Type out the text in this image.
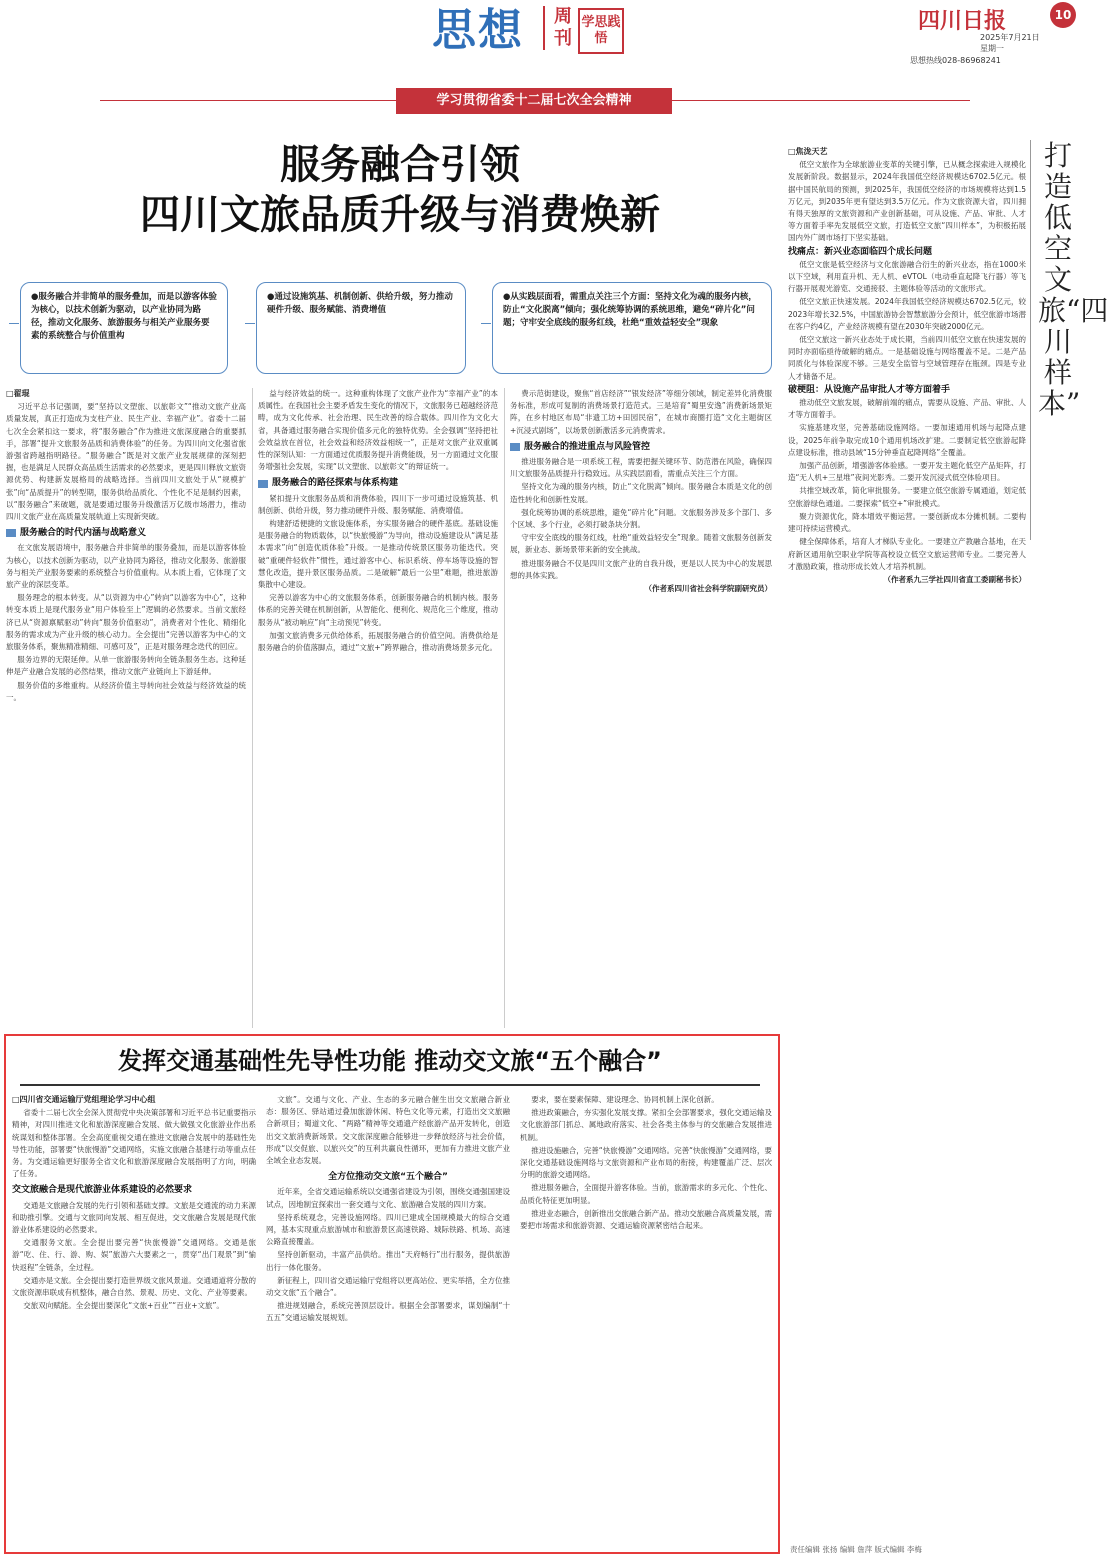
思想	周刊
学思践悟
四川日报	10
2025年7月21日
星期一
思想热线028-86968241
学习贯彻省委十二届七次全会精神
服务融合引领
四川文旅品质升级与消费焕新
●服务融合并非简单的服务叠加，而是以游客体验为核心，以技术创新为驱动，以产业协同为路径，推动文化服务、旅游服务与相关产业服务要素的系统整合与价值重构
●通过设施筑基、机制创新、供给升级，努力推动硬件升级、服务赋能、消费增值
●从实践层面看，需重点关注三个方面：坚持文化为魂的服务内核，防止“文化脱离”倾向；强化统筹协调的系统思维，避免“碎片化”问题；守牢安全底线的服务红线，杜绝“重效益轻安全”现象

□翟琨

习近平总书记强调，要“坚持以文塑旅、以旅彰文”“推动文旅产业高质量发展，真正打造成为支柱产业、民生产业、幸福产业”。省委十二届七次全会紧扣这一要求，将“服务融合”作为推进文旅深度融合的重要抓手，部署“提升文旅服务品质和消费体验”的任务。为四川向文化强省旅游强省跨越指明路径。“服务融合”既是对文旅产业发展规律的深刻把握，也是满足人民群众高品质生活需求的必然要求，更是四川释放文旅资源优势、构建新发展格局的战略选择。当前四川文旅处于从“规模扩张”向“品质提升”的转型期，服务供给品质化、个性化不足是制约因素，以“服务融合”来破题，就是要通过服务升级激活万亿级市场潜力，推动四川文旅产业在高质量发展轨道上实现新突破。

服务融合的时代内涵与战略意义

在文旅发展语境中，服务融合并非简单的服务叠加，而是以游客体验为核心，以技术创新为驱动，以产业协同为路径，推动文化服务、旅游服务与相关产业服务要素的系统整合与价值重构。从本质上看，它体现了文旅产业的深层变革。

服务理念的根本转变。从“以资源为中心”转向“以游客为中心”，这种转变本质上是现代服务业“用户体验至上”逻辑的必然要求。当前文旅经济已从“资源禀赋驱动”转向“服务价值驱动”，消费者对个性化、精细化服务的需求成为产业升级的核心动力。全会提出“完善以游客为中心的文旅服务体系，聚焦精准精细、可感可及”，正是对服务理念迭代的回应。

服务边界的无限延伸。从单一旅游服务转向全链条服务生态。这种延伸是产业融合发展的必然结果，推动文旅产业链向上下游延伸。

服务价值的多维重构。从经济价值主导转向社会效益与经济效益的统一。

益与经济效益的统一。这种重构体现了文旅产业作为“幸福产业”的本质属性。在我国社会主要矛盾发生变化的情况下，文旅服务已超越经济范畴，成为文化传承、社会治理、民生改善的综合载体。四川作为文化大省，具备通过服务融合实现价值多元化的独特优势。全会强调“坚持把社会效益放在首位，社会效益和经济效益相统一”，正是对文旅产业双重属性的深刻认知：一方面通过优质服务提升消费能级，另一方面通过文化服务增强社会发展，实现“以文塑旅、以旅彰文”的辩证统一。

服务融合的路径探索与体系构建

紧扣提升文旅服务品质和消费体验，四川下一步可通过设施筑基、机制创新、供给升级，努力推动硬件升级、服务赋能、消费增值。

构建舒适便捷的文旅设施体系，夯实服务融合的硬件基底。基础设施是服务融合的物质载体，以“快旅慢游”为导向，推动设施建设从“满足基本需求”向“创造优质体验”升级。一是推动传统景区服务功能迭代。突破“重硬件轻软件”惯性，通过游客中心、标识系统、停车场等设施的智慧化改造，提升景区服务品质。二是破解“最后一公里”难题，推进旅游集散中心建设。

完善以游客为中心的文旅服务体系，创新服务融合的机制内核。服务体系的完善关键在机制创新，从智能化、便利化、规范化三个维度，推动服务从“被动响应”向“主动预见”转变。

加强文旅消费多元供给体系，拓展服务融合的价值空间。消费供给是服务融合的价值落脚点，通过“文旅+”跨界融合，推动消费场景多元化。

费示范街建设，聚焦“首店经济”“银发经济”等细分领域，制定差异化消费服务标准，形成可复制的消费场景打造范式。三是培育“蜀里安逸”消费新场景矩阵，在乡村地区布局“非遗工坊+田园民宿”，在城市商圈打造“文化主题街区+沉浸式剧场”，以场景创新激活多元消费需求。

服务融合的推进重点与风险管控

推进服务融合是一项系统工程，需要把握关键环节、防范潜在风险，确保四川文旅服务品质提升行稳致远。从实践层面看，需重点关注三个方面。

坚持文化为魂的服务内核，防止“文化脱离”倾向。服务融合本质是文化的创造性转化和创新性发展。

强化统筹协调的系统思维，避免“碎片化”问题。文旅服务涉及多个部门、多个区域、多个行业，必须打破条块分割。

守牢安全底线的服务红线，杜绝“重效益轻安全”现象。随着文旅服务创新发展，新业态、新场景带来新的安全挑战。

推进服务融合不仅是四川文旅产业的自我升级，更是以人民为中心的发展思想的具体实践。

（作者系四川省社会科学院副研究员）

打造低空文旅“四川样本”

□焦泷天艺

低空文旅作为全球旅游业变革的关键引擎，已从概念探索进入规模化发展新阶段。数据显示，2024年我国低空经济规模达6702.5亿元。根据中国民航局的预测，到2025年，我国低空经济的市场规模将达到1.5万亿元，到2035年更有望达到3.5万亿元。作为文旅资源大省，四川拥有得天独厚的文旅资源和产业创新基础，可从设施、产品、审批、人才等方面着手率先发展低空文旅，打造低空文旅“四川样本”，为积极拓展国内外广阔市场打下坚实基础。

找痛点：新兴业态面临四个成长问题

低空文旅是低空经济与文化旅游融合衍生的新兴业态，指在1000米以下空域，利用直升机、无人机、eVTOL（电动垂直起降飞行器）等飞行器开展观光游览、交通接驳、主题体验等活动的文旅形式。

低空文旅正快速发展。2024年我国低空经济规模达6702.5亿元，较2023年增长32.5%，中国旅游协会智慧旅游分会预计，低空旅游市场潜在客户约4亿，产业经济规模有望在2030年突破2000亿元。

低空文旅这一新兴业态处于成长期，当前四川低空文旅在快速发展的同时亦面临亟待破解的痛点。一是基础设施与网络覆盖不足。二是产品同质化与体验深度不够。三是安全监管与空域管理存在瓶颈。四是专业人才储备不足。

破梗阻：从设施产品审批人才等方面着手

推动低空文旅发展，破解前端的痛点，需要从设施、产品、审批、人才等方面着手。

实施基建攻坚，完善基础设施网络。一要加速通用机场与起降点建设，2025年前争取完成10个通用机场改扩建。二要制定低空旅游起降点建设标准，推动县域“15分钟垂直起降网络”全覆盖。

加强产品创新，增强游客体验感。一要开发主题化低空产品矩阵，打造“无人机+三星堆”夜间光影秀。二要开发沉浸式低空体验项目。

共推空域改革，简化审批服务。一要建立低空旅游专属通道，划定低空旅游绿色通道。二要探索“低空+”审批模式。

聚力资源优化，降本增效平衡运营。一要创新成本分摊机制。二要构建可持续运营模式。

健全保障体系，培育人才梯队专业化。一要建立产教融合基地，在天府新区通用航空职业学院等高校设立低空文旅运营师专业。二要完善人才激励政策，推动形成长效人才培养机制。

（作者系九三学社四川省直工委副秘书长）

发挥交通基础性先导性功能 推动交文旅“五个融合”

□四川省交通运输厅党组理论学习中心组

省委十二届七次全会深入贯彻党中央决策部署和习近平总书记重要指示精神，对四川推进文化和旅游深度融合发展、做大做强文化旅游业作出系统谋划和整体部署。全会高度重视交通在推进文旅融合发展中的基础性先导性功能，部署要“快旅慢游”交通网络，实施文旅融合基建行动等重点任务。为交通运输更好服务全省文化和旅游深度融合发展指明了方向，明确了任务。

交文旅融合是现代旅游业体系建设的必然要求

交通是文旅融合发展的先行引领和基础支撑。文旅是交通流的动力来源和助推引擎。交通与文旅同向发展、相互促进，交文旅融合发展是现代旅游业体系建设的必然要求。

交通服务文旅。全会提出要完善“快旅慢游”交通网络。交通是旅游“吃、住、行、游、购、娱”旅游六大要素之一，贯穿“出门观景”到“愉快返程”全链条，全过程。

交通亦是文旅。全会提出要打造世界级文旅风景道。交通通道将分散的文旅资源串联成有机整体，融合自然、景观、历史、文化、产业等要素。

交旅双向赋能。全会提出要深化“文旅+百业”“百业+文旅”。

文旅”。交通与文化、产业、生态的多元融合催生出交文旅融合新业态：服务区、驿站通过叠加旅游休闲、特色文化等元素，打造出交文旅融合新项目；蜀道文化、“两路”精神等交通遗产经旅游产品开发转化，创造出交文旅消费新场景。交文旅深度融合能够进一步释放经济与社会价值，形成“以交促旅、以旅兴交”的互利共赢良性循环，更加有力推进文旅产业全域全业态发展。

全方位推动交文旅“五个融合”

近年来，全省交通运输系统以交通强省建设为引领，围绕交通强国建设试点，因地制宜探索出一套交通与文化、旅游融合发展的四川方案。

坚持系统观念，完善设施网络。四川已建成全国规模最大的综合交通网，基本实现重点旅游城市和旅游景区高速铁路、城际铁路、机场、高速公路直接覆盖。

坚持创新驱动，丰富产品供给。推出“天府畅行”出行服务，提供旅游出行一体化服务。

新征程上，四川省交通运输厅党组将以更高站位、更实举措，全方位推动交文旅“五个融合”。

推进规划融合，系统完善顶层设计。根据全会部署要求，谋划编制“十五五”交通运输发展规划。

要求，要在要素保障、建设理念、协同机制上深化创新。

推进政策融合，夯实强化发展支撑。紧扣全会部署要求，强化交通运输及文化旅游部门抓总、属地政府落实、社会各类主体参与的交旅融合发展推进机制。

推进设施融合，完善“快旅慢游”交通网络。完善“快旅慢游”交通网络，要深化交通基础设施网络与文旅资源和产业布局的衔接，构建覆盖广泛、层次分明的旅游交通网络。

推进服务融合，全面提升游客体验。当前，旅游需求的多元化、个性化、品质化特征更加明显。

推进业态融合，创新推出交旅融合新产品。推动交旅融合高质量发展，需要把市场需求和旅游资源、交通运输资源紧密结合起来。

责任编辑 张扬 编辑 詹萍 版式编辑 李梅
